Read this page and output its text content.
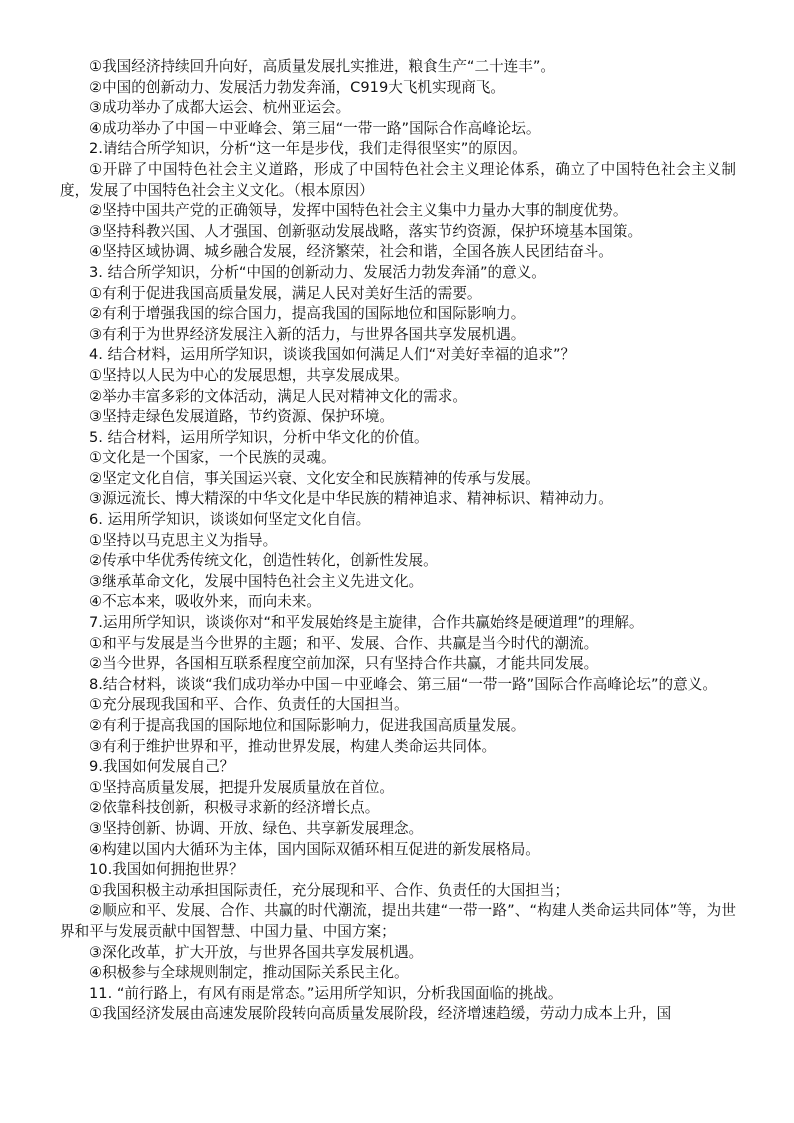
①我国经济持续回升向好，高质量发展扎实推进，粮食生产“二十连丰”。

②中国的创新动力、发展活力勃发奔涌，C919大飞机实现商飞。

③成功举办了成都大运会、杭州亚运会。

④成功举办了中国－中亚峰会、第三届“一带一路”国际合作高峰论坛。

2.请结合所学知识，分析“这一年是步伐，我们走得很坚实”的原因。

①开辟了中国特色社会主义道路，形成了中国特色社会主义理论体系，确立了中国特色社会主义制度，发展了中国特色社会主义文化。（根本原因）

②坚持中国共产党的正确领导，发挥中国特色社会主义集中力量办大事的制度优势。

③坚持科教兴国、人才强国、创新驱动发展战略，落实节约资源，保护环境基本国策。

④坚持区域协调、城乡融合发展，经济繁荣，社会和谐，全国各族人民团结奋斗。

3. 结合所学知识，分析“中国的创新动力、发展活力勃发奔涌”的意义。

①有利于促进我国高质量发展，满足人民对美好生活的需要。

②有利于增强我国的综合国力，提高我国的国际地位和国际影响力。

③有利于为世界经济发展注入新的活力，与世界各国共享发展机遇。

4. 结合材料，运用所学知识，谈谈我国如何满足人们“对美好幸福的追求”？

①坚持以人民为中心的发展思想，共享发展成果。

②举办丰富多彩的文体活动，满足人民对精神文化的需求。

③坚持走绿色发展道路，节约资源、保护环境。

5. 结合材料，运用所学知识，分析中华文化的价值。

①文化是一个国家，一个民族的灵魂。

②坚定文化自信，事关国运兴衰、文化安全和民族精神的传承与发展。

③源远流长、博大精深的中华文化是中华民族的精神追求、精神标识、精神动力。

6. 运用所学知识，谈谈如何坚定文化自信。

①坚持以马克思主义为指导。

②传承中华优秀传统文化，创造性转化，创新性发展。

③继承革命文化，发展中国特色社会主义先进文化。

④不忘本来，吸收外来，而向未来。

7.运用所学知识，谈谈你对“和平发展始终是主旋律，合作共赢始终是硬道理”的理解。

①和平与发展是当今世界的主题；和平、发展、合作、共赢是当今时代的潮流。

②当今世界，各国相互联系程度空前加深，只有坚持合作共赢，才能共同发展。

8.结合材料，谈谈“我们成功举办中国－中亚峰会、第三届“一带一路”国际合作高峰论坛”的意义。

①充分展现我国和平、合作、负责任的大国担当。

②有利于提高我国的国际地位和国际影响力，促进我国高质量发展。

③有利于维护世界和平，推动世界发展，构建人类命运共同体。

9.我国如何发展自己？

①坚持高质量发展，把提升发展质量放在首位。

②依靠科技创新，积极寻求新的经济增长点。

③坚持创新、协调、开放、绿色、共享新发展理念。

④构建以国内大循环为主体，国内国际双循环相互促进的新发展格局。

10.我国如何拥抱世界？

①我国积极主动承担国际责任，充分展现和平、合作、负责任的大国担当；

②顺应和平、发展、合作、共赢的时代潮流，提出共建“一带一路”、“构建人类命运共同体”等，为世界和平与发展贡献中国智慧、中国力量、中国方案；

③深化改革，扩大开放，与世界各国共享发展机遇。

④积极参与全球规则制定，推动国际关系民主化。

11. “前行路上，有风有雨是常态。”运用所学知识，分析我国面临的挑战。

①我国经济发展由高速发展阶段转向高质量发展阶段，经济增速趋缓，劳动力成本上升，国
